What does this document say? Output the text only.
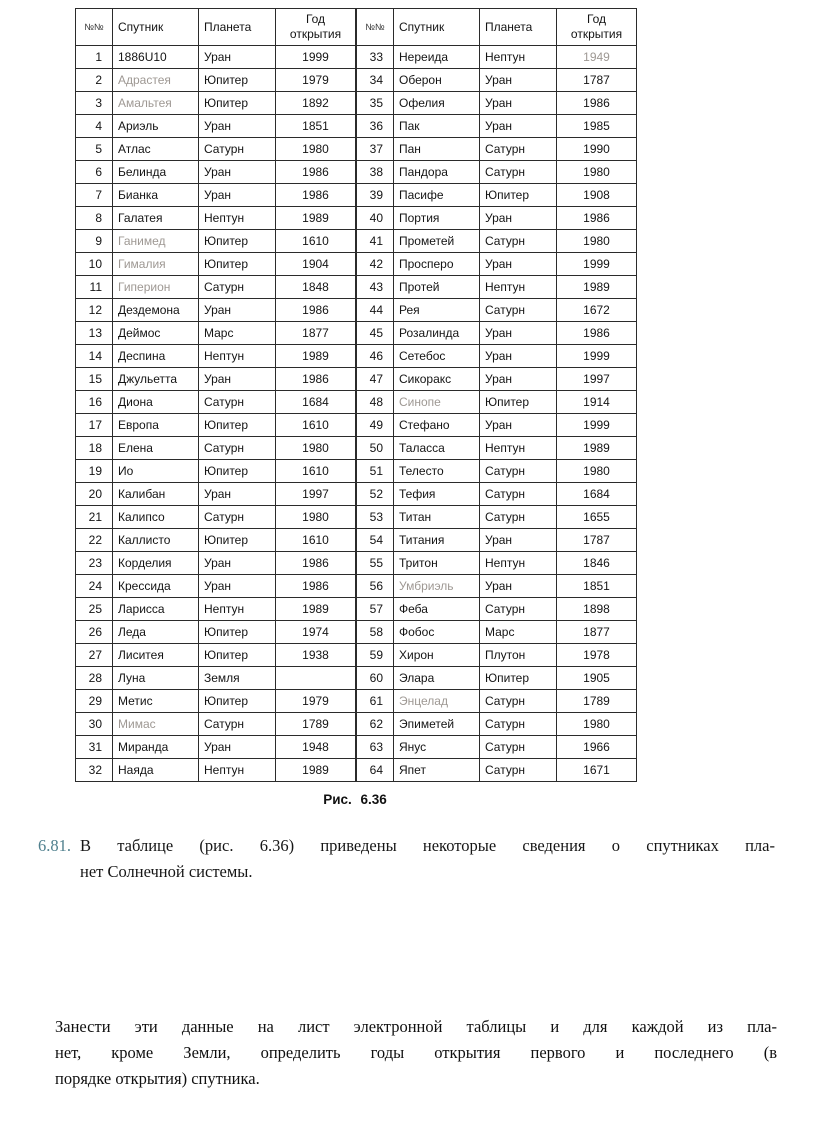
№№	Спутник	Планета	Год
открытия

1	1886U10	Уран	1999
2	Адрастея	Юпитер	1979
3	Амальтея	Юпитер	1892
4	Ариэль	Уран	1851
5	Атлас	Сатурн	1980
6	Белинда	Уран	1986
7	Бианка	Уран	1986
8	Галатея	Нептун	1989
9	Ганимед	Юпитер	1610
10	Гималия	Юпитер	1904
11	Гиперион	Сатурн	1848
12	Дездемона	Уран	1986
13	Деймос	Марс	1877
14	Деспина	Нептун	1989
15	Джульетта	Уран	1986
16	Диона	Сатурн	1684
17	Европа	Юпитер	1610
18	Елена	Сатурн	1980
19	Ио	Юпитер	1610
20	Калибан	Уран	1997
21	Калипсо	Сатурн	1980
22	Каллисто	Юпитер	1610
23	Корделия	Уран	1986
24	Крессида	Уран	1986
25	Ларисса	Нептун	1989
26	Леда	Юпитер	1974
27	Лиситея	Юпитер	1938
28	Луна	Земля	
29	Метис	Юпитер	1979
30	Мимас	Сатурн	1789
31	Миранда	Уран	1948
32	Наяда	Нептун	1989
№№	Спутник	Планета	Год
открытия

33	Нереида	Нептун	1949
34	Оберон	Уран	1787
35	Офелия	Уран	1986
36	Пак	Уран	1985
37	Пан	Сатурн	1990
38	Пандора	Сатурн	1980
39	Пасифе	Юпитер	1908
40	Портия	Уран	1986
41	Прометей	Сатурн	1980
42	Просперо	Уран	1999
43	Протей	Нептун	1989
44	Рея	Сатурн	1672
45	Розалинда	Уран	1986
46	Сетебос	Уран	1999
47	Сикоракс	Уран	1997
48	Синопе	Юпитер	1914
49	Стефано	Уран	1999
50	Таласса	Нептун	1989
51	Телесто	Сатурн	1980
52	Тефия	Сатурн	1684
53	Титан	Сатурн	1655
54	Титания	Уран	1787
55	Тритон	Нептун	1846
56	Умбриэль	Уран	1851
57	Феба	Сатурн	1898
58	Фобос	Марс	1877
59	Хирон	Плутон	1978
60	Элара	Юпитер	1905
61	Энцелад	Сатурн	1789
62	Эпиметей	Сатурн	1980
63	Янус	Сатурн	1966
64	Япет	Сатурн	1671
Рис. 6.36
6.81. В таблице (рис. 6.36) приведены некоторые сведения о спутниках пла-
нет Солнечной системы.
Занести эти данные на лист электронной таблицы и для каждой из пла-
нет, кроме Земли, определить годы открытия первого и последнего (в
порядке открытия) спутника.
